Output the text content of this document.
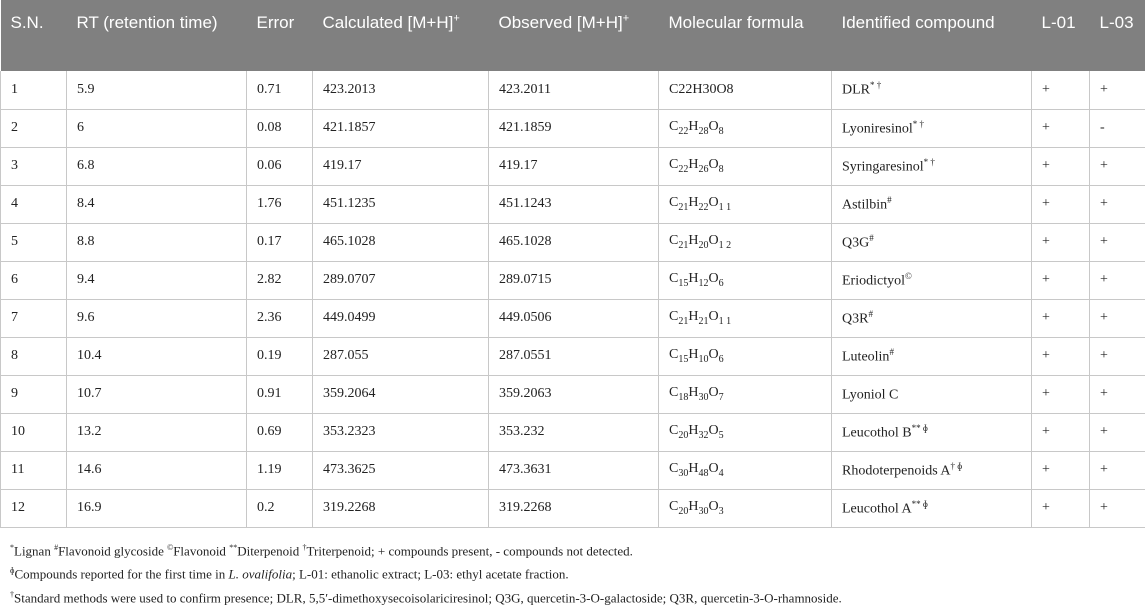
S.N.	RT (retention time)	Error	Calculated [M+H]+	Observed [M+H]+	Molecular formula	Identified compound	L-01	L-03
1	5.9	0.71	423.2013	423.2011	C22H30O8	DLR* †	+	+
2	6	0.08	421.1857	421.1859	$C_{22}H_{28}O_8$	Lyoniresinol* †	+	-
3	6.8	0.06	419.17	419.17	$C_{22}H_{26}O_8$	Syringaresinol* †	+	+
4	8.4	1.76	451.1235	451.1243	$C_{21}H_{22}O_{1 1}$	Astilbin#	+	+
5	8.8	0.17	465.1028	465.1028	$C_{21}H_{20}O_{1 2}$	Q3G#	+	+
6	9.4	2.82	289.0707	289.0715	$C_{15}H_{12}O_6$	Eriodictyol©	+	+
7	9.6	2.36	449.0499	449.0506	$C_{21}H_{21}O_{1 1}$	Q3R#	+	+
8	10.4	0.19	287.055	287.0551	$C_{15}H_{10}O_6$	Luteolin#	+	+
9	10.7	0.91	359.2064	359.2063	$C_{18}H_{30}O_7$	Lyoniol C	+	+
10	13.2	0.69	353.2323	353.232	$C_{20}H_{32}O_5$	Leucothol $B^{** ɸ}$	+	+
11	14.6	1.19	473.3625	473.3631	$C_{30}H_{48}O_4$	Rhodoterpenoids $A^{\dagger ɸ}$	+	+
12	16.9	0.2	319.2268	319.2268	$C_{20}H_{30}O_3$	Leucothol $A^{** ɸ}$	+	+
*Lignan #Flavonoid glycoside ©Flavonoid **Diterpenoid †Triterpenoid; + compounds present, - compounds not detected.
$^ɸ$Compounds reported for the first time in L. ovalifolia; L-01: ethanolic extract; L-03: ethyl acetate fraction.
†Standard methods were used to confirm presence; DLR, 5,5′-dimethoxysecoisolariciresinol; Q3G, quercetin-3-O-galactoside; Q3R, quercetin-3-O-rhamnoside.
